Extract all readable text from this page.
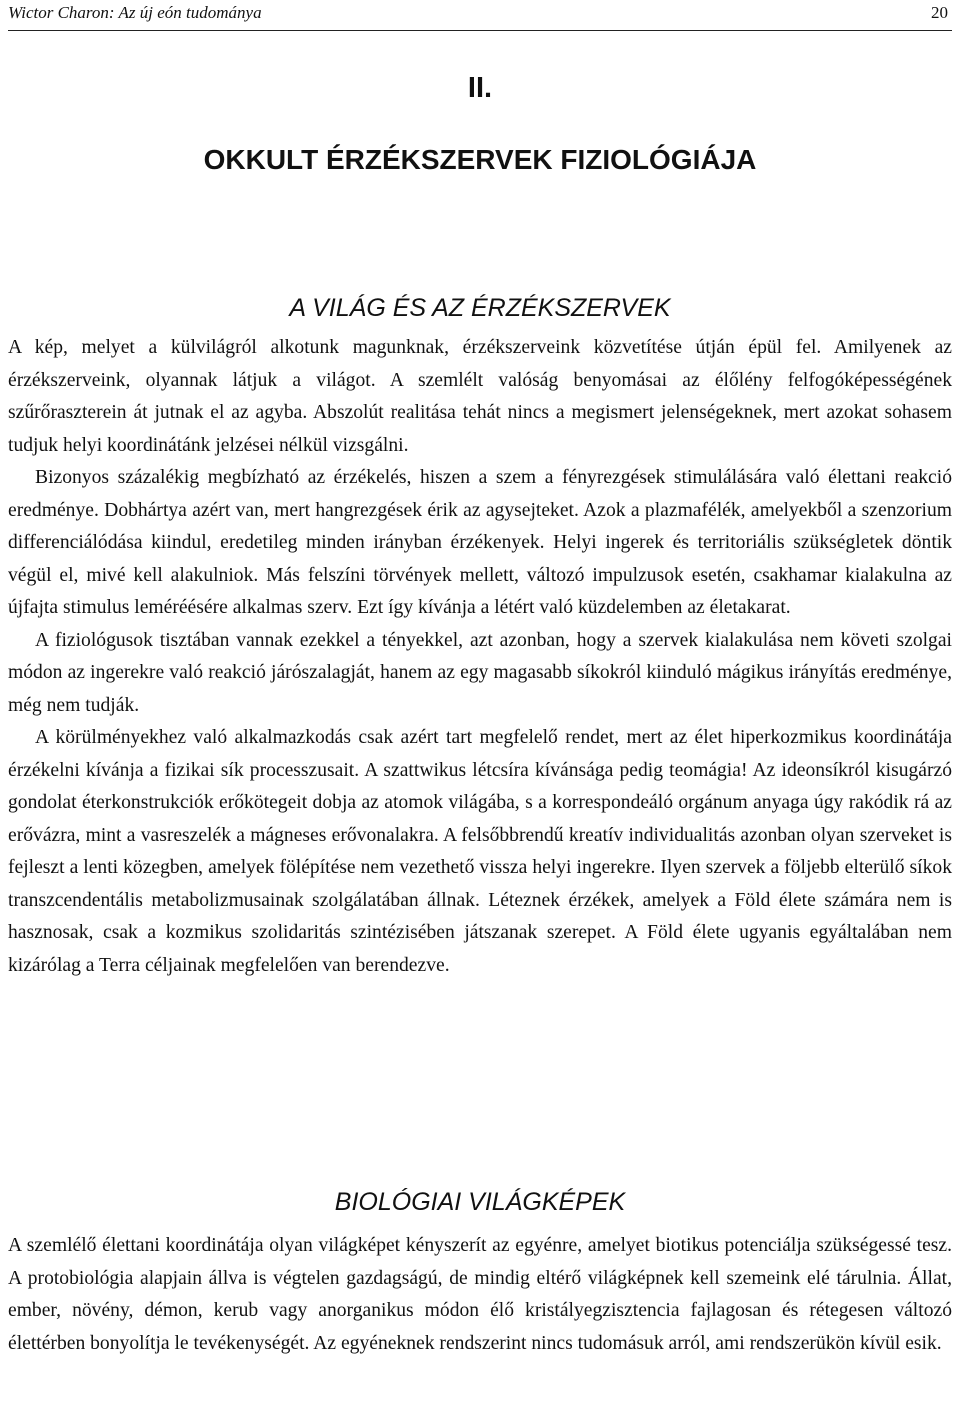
Wictor Charon: Az új eón tudománya	20
II.
OKKULT ÉRZÉKSZERVEK FIZIOLÓGIÁJA
A VILÁG ÉS AZ ÉRZÉKSZERVEK

A kép, melyet a külvilágról alkotunk magunknak, érzékszerveink közvetítése útján épül fel. Amilyenek az érzékszerveink, olyannak látjuk a világot. A szemlélt valóság benyomásai az élőlény felfogóképességének szűrőraszterein át jutnak el az agyba. Abszolút realitása tehát nincs a megismert jelenségeknek, mert azokat sohasem tudjuk helyi koordinátánk jelzései nélkül vizsgálni.

Bizonyos százalékig megbízható az érzékelés, hiszen a szem a fényrezgések stimulálására való élettani reakció eredménye. Dobhártya azért van, mert hangrezgések érik az agysejteket. Azok a plazmafélék, amelyekből a szenzorium differenciálódása kiindul, eredetileg minden irányban érzékenyek. Helyi ingerek és territoriális szükségletek döntik végül el, mivé kell alakulniok. Más felszíni törvények mellett, változó impulzusok esetén, csakhamar kialakulna az újfajta stimulus leméréésére alkalmas szerv. Ezt így kívánja a létért való küzdelemben az életakarat.

A fiziológusok tisztában vannak ezekkel a tényekkel, azt azonban, hogy a szervek kialakulása nem követi szolgai módon az ingerekre való reakció járószalagját, hanem az egy magasabb síkokról kiinduló mágikus irányítás eredménye, még nem tudják.

A körülményekhez való alkalmazkodás csak azért tart megfelelő rendet, mert az élet hiperkozmikus koordinátája érzékelni kívánja a fizikai sík processzusait. A szattwikus létcsíra kívánsága pedig teomágia! Az ideonsíkról kisugárzó gondolat éterkonstrukciók erőkötegeit dobja az atomok világába, s a korrespondeáló orgánum anyaga úgy rakódik rá az erővázra, mint a vasreszelék a mágneses erővonalakra. A felsőbbrendű kreatív individualitás azonban olyan szerveket is fejleszt a lenti közegben, amelyek fölépítése nem vezethető vissza helyi ingerekre. Ilyen szervek a följebb elterülő síkok transzcendentális metabolizmusainak szolgálatában állnak. Léteznek érzékek, amelyek a Föld élete számára nem is hasznosak, csak a kozmikus szolidaritás szintézisében játszanak szerepet. A Föld élete ugyanis egyáltalában nem kizárólag a Terra céljainak megfelelően van berendezve.

BIOLÓGIAI VILÁGKÉPEK

A szemlélő élettani koordinátája olyan világképet kényszerít az egyénre, amelyet biotikus potenciálja szükségessé tesz. A protobiológia alapjain állva is végtelen gazdagságú, de mindig eltérő világképnek kell szemeink elé tárulnia. Állat, ember, növény, démon, kerub vagy anorganikus módon élő kristályegzisztencia fajlagosan és rétegesen változó élettérben bonyolítja le tevékenységét. Az egyéneknek rendszerint nincs tudomásuk arról, ami rendszerükön kívül esik.
